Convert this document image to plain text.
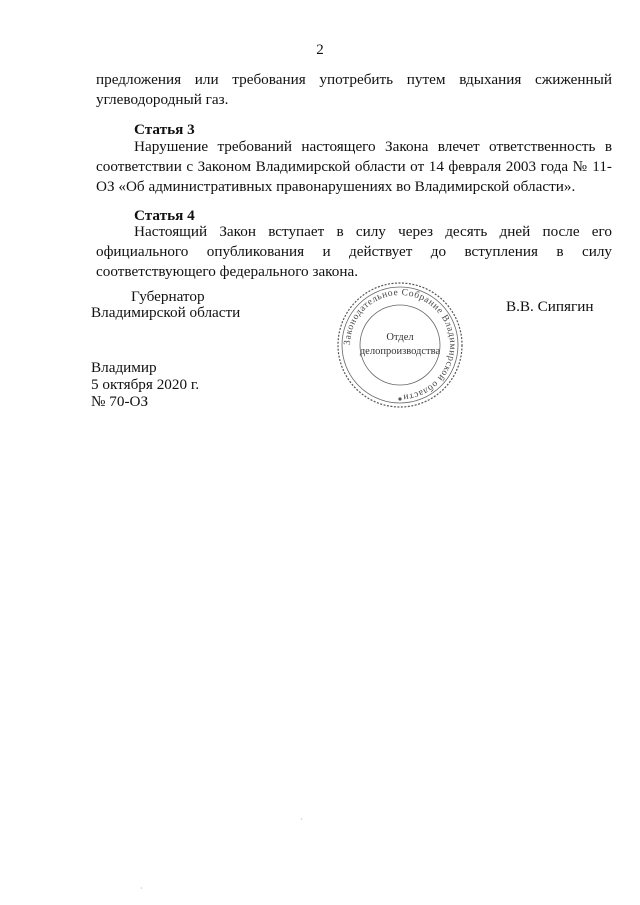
2

предложения или требования употребить путем вдыхания сжиженный углеводородный газ.

Статья 3

Нарушение требований настоящего Закона влечет ответственность в соответствии с Законом Владимирской области от 14 февраля 2003 года № 11-ОЗ «Об административных правонарушениях во Владимирской области».

Статья 4

Настоящий Закон вступает в силу через десять дней после его официального опубликования и действует до вступления в силу соответствующего федерального закона.

Губернатор

Владимирской области	В.В. Сипягин

Законодательное Собрание Владимирской области
Отдел
делопроизводства

Владимир

5 октября 2020 г.

№ 70-ОЗ

·
·
